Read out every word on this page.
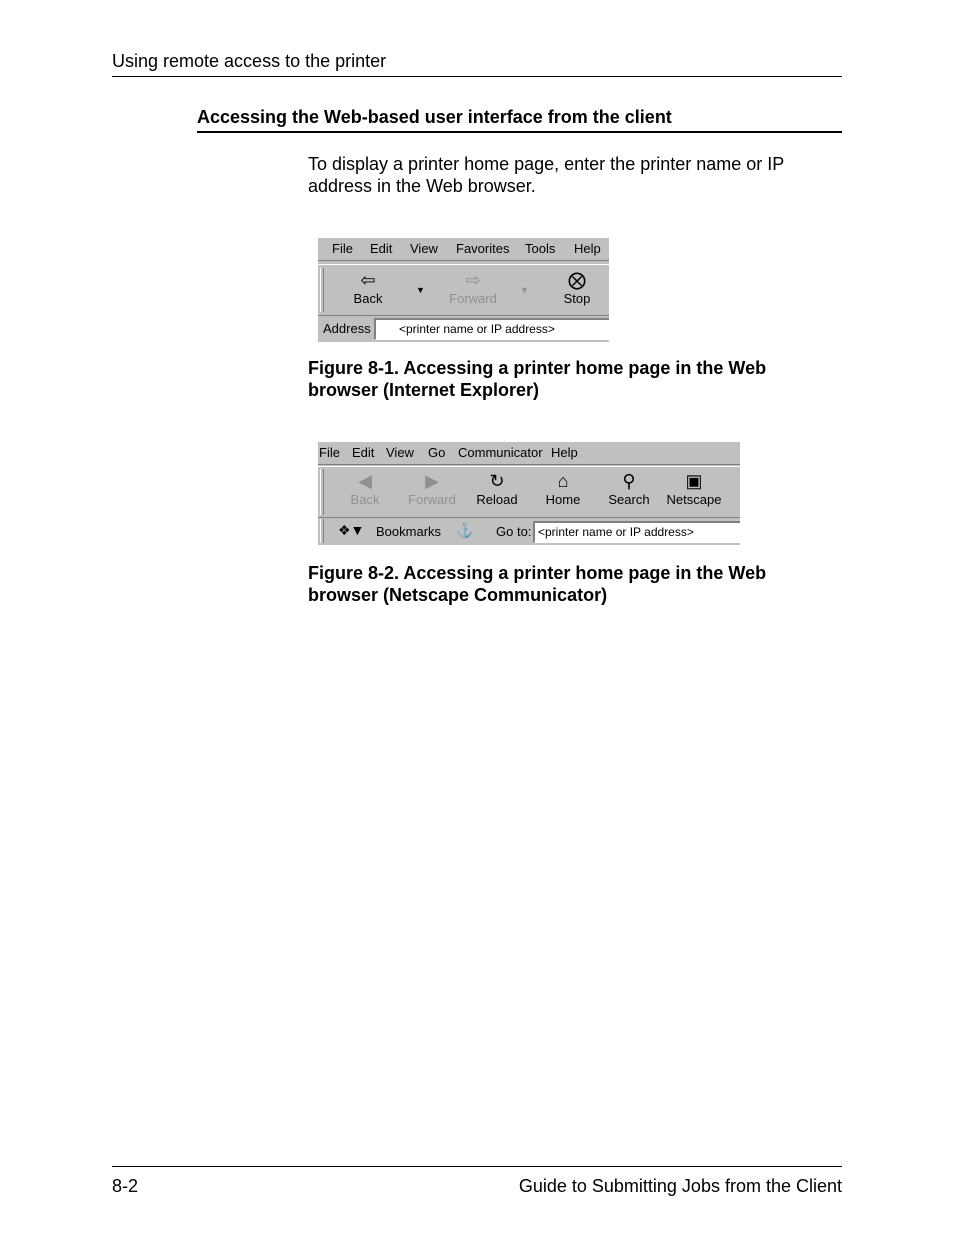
Using remote access to the printer
Accessing the Web-based user interface from the client
To display a printer home page, enter the printer name or IP address in the Web browser.
File Edit View Favorites Tools Help
⇦
Back
▼	⇨
Forward
▼	⨂
Stop
Address	<printer name or IP address>
Figure 8-1. Accessing a printer home page in the Web browser (Internet Explorer)
File Edit View Go Communicator Help
◀
Back
▶
Forward
↻
Reload
⌂
Home
⚲
Search
▣
Netscape
❖▼ Bookmarks ⚓ Go to: <printer name or IP address>
Figure 8-2. Accessing a printer home page in the Web browser (Netscape Communicator)
8-2	Guide to Submitting Jobs from the Client
